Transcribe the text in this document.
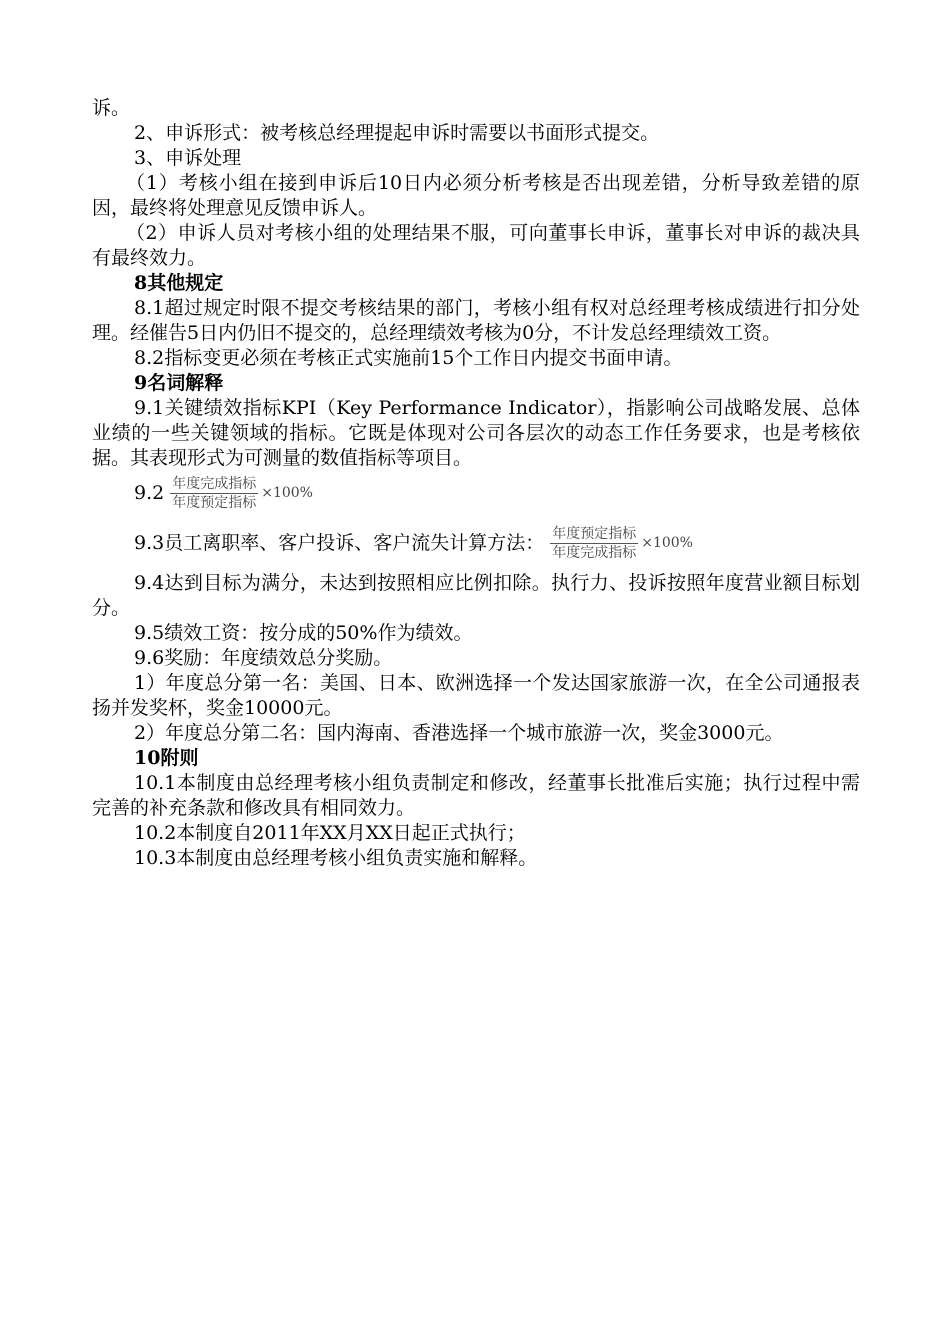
诉。

2、申诉形式：被考核总经理提起申诉时需要以书面形式提交。

3、申诉处理

（1）考核小组在接到申诉后10日内必须分析考核是否出现差错，分析导致差错的原因，最终将处理意见反馈申诉人。

（2）申诉人员对考核小组的处理结果不服，可向董事长申诉，董事长对申诉的裁决具有最终效力。

8其他规定

8.1超过规定时限不提交考核结果的部门，考核小组有权对总经理考核成绩进行扣分处理。经催告5日内仍旧不提交的，总经理绩效考核为0分，不计发总经理绩效工资。

8.2指标变更必须在考核正式实施前15个工作日内提交书面申请。

9名词解释

9.1关键绩效指标KPI（Key Performance Indicator），指影响公司战略发展、总体业绩的一些关键领域的指标。它既是体现对公司各层次的动态工作任务要求，也是考核依据。其表现形式为可测量的数值指标等项目。

$9.2 \frac{\text{年度完成指标}}{\text{年度预定指标}} \times 100\%$
9.3员工离职率、客户投诉、客户流失计算方法： $\frac{\text{年度预定指标}}{\text{年度完成指标}} \times 100\%$

9.4达到目标为满分，未达到按照相应比例扣除。执行力、投诉按照年度营业额目标划分。

9.5绩效工资：按分成的50%作为绩效。

9.6奖励：年度绩效总分奖励。

1）年度总分第一名：美国、日本、欧洲选择一个发达国家旅游一次，在全公司通报表扬并发奖杯，奖金10000元。

2）年度总分第二名：国内海南、香港选择一个城市旅游一次，奖金3000元。

10附则

10.1本制度由总经理考核小组负责制定和修改，经董事长批准后实施；执行过程中需完善的补充条款和修改具有相同效力。

10.2本制度自2011年XX月XX日起正式执行；

10.3本制度由总经理考核小组负责实施和解释。
